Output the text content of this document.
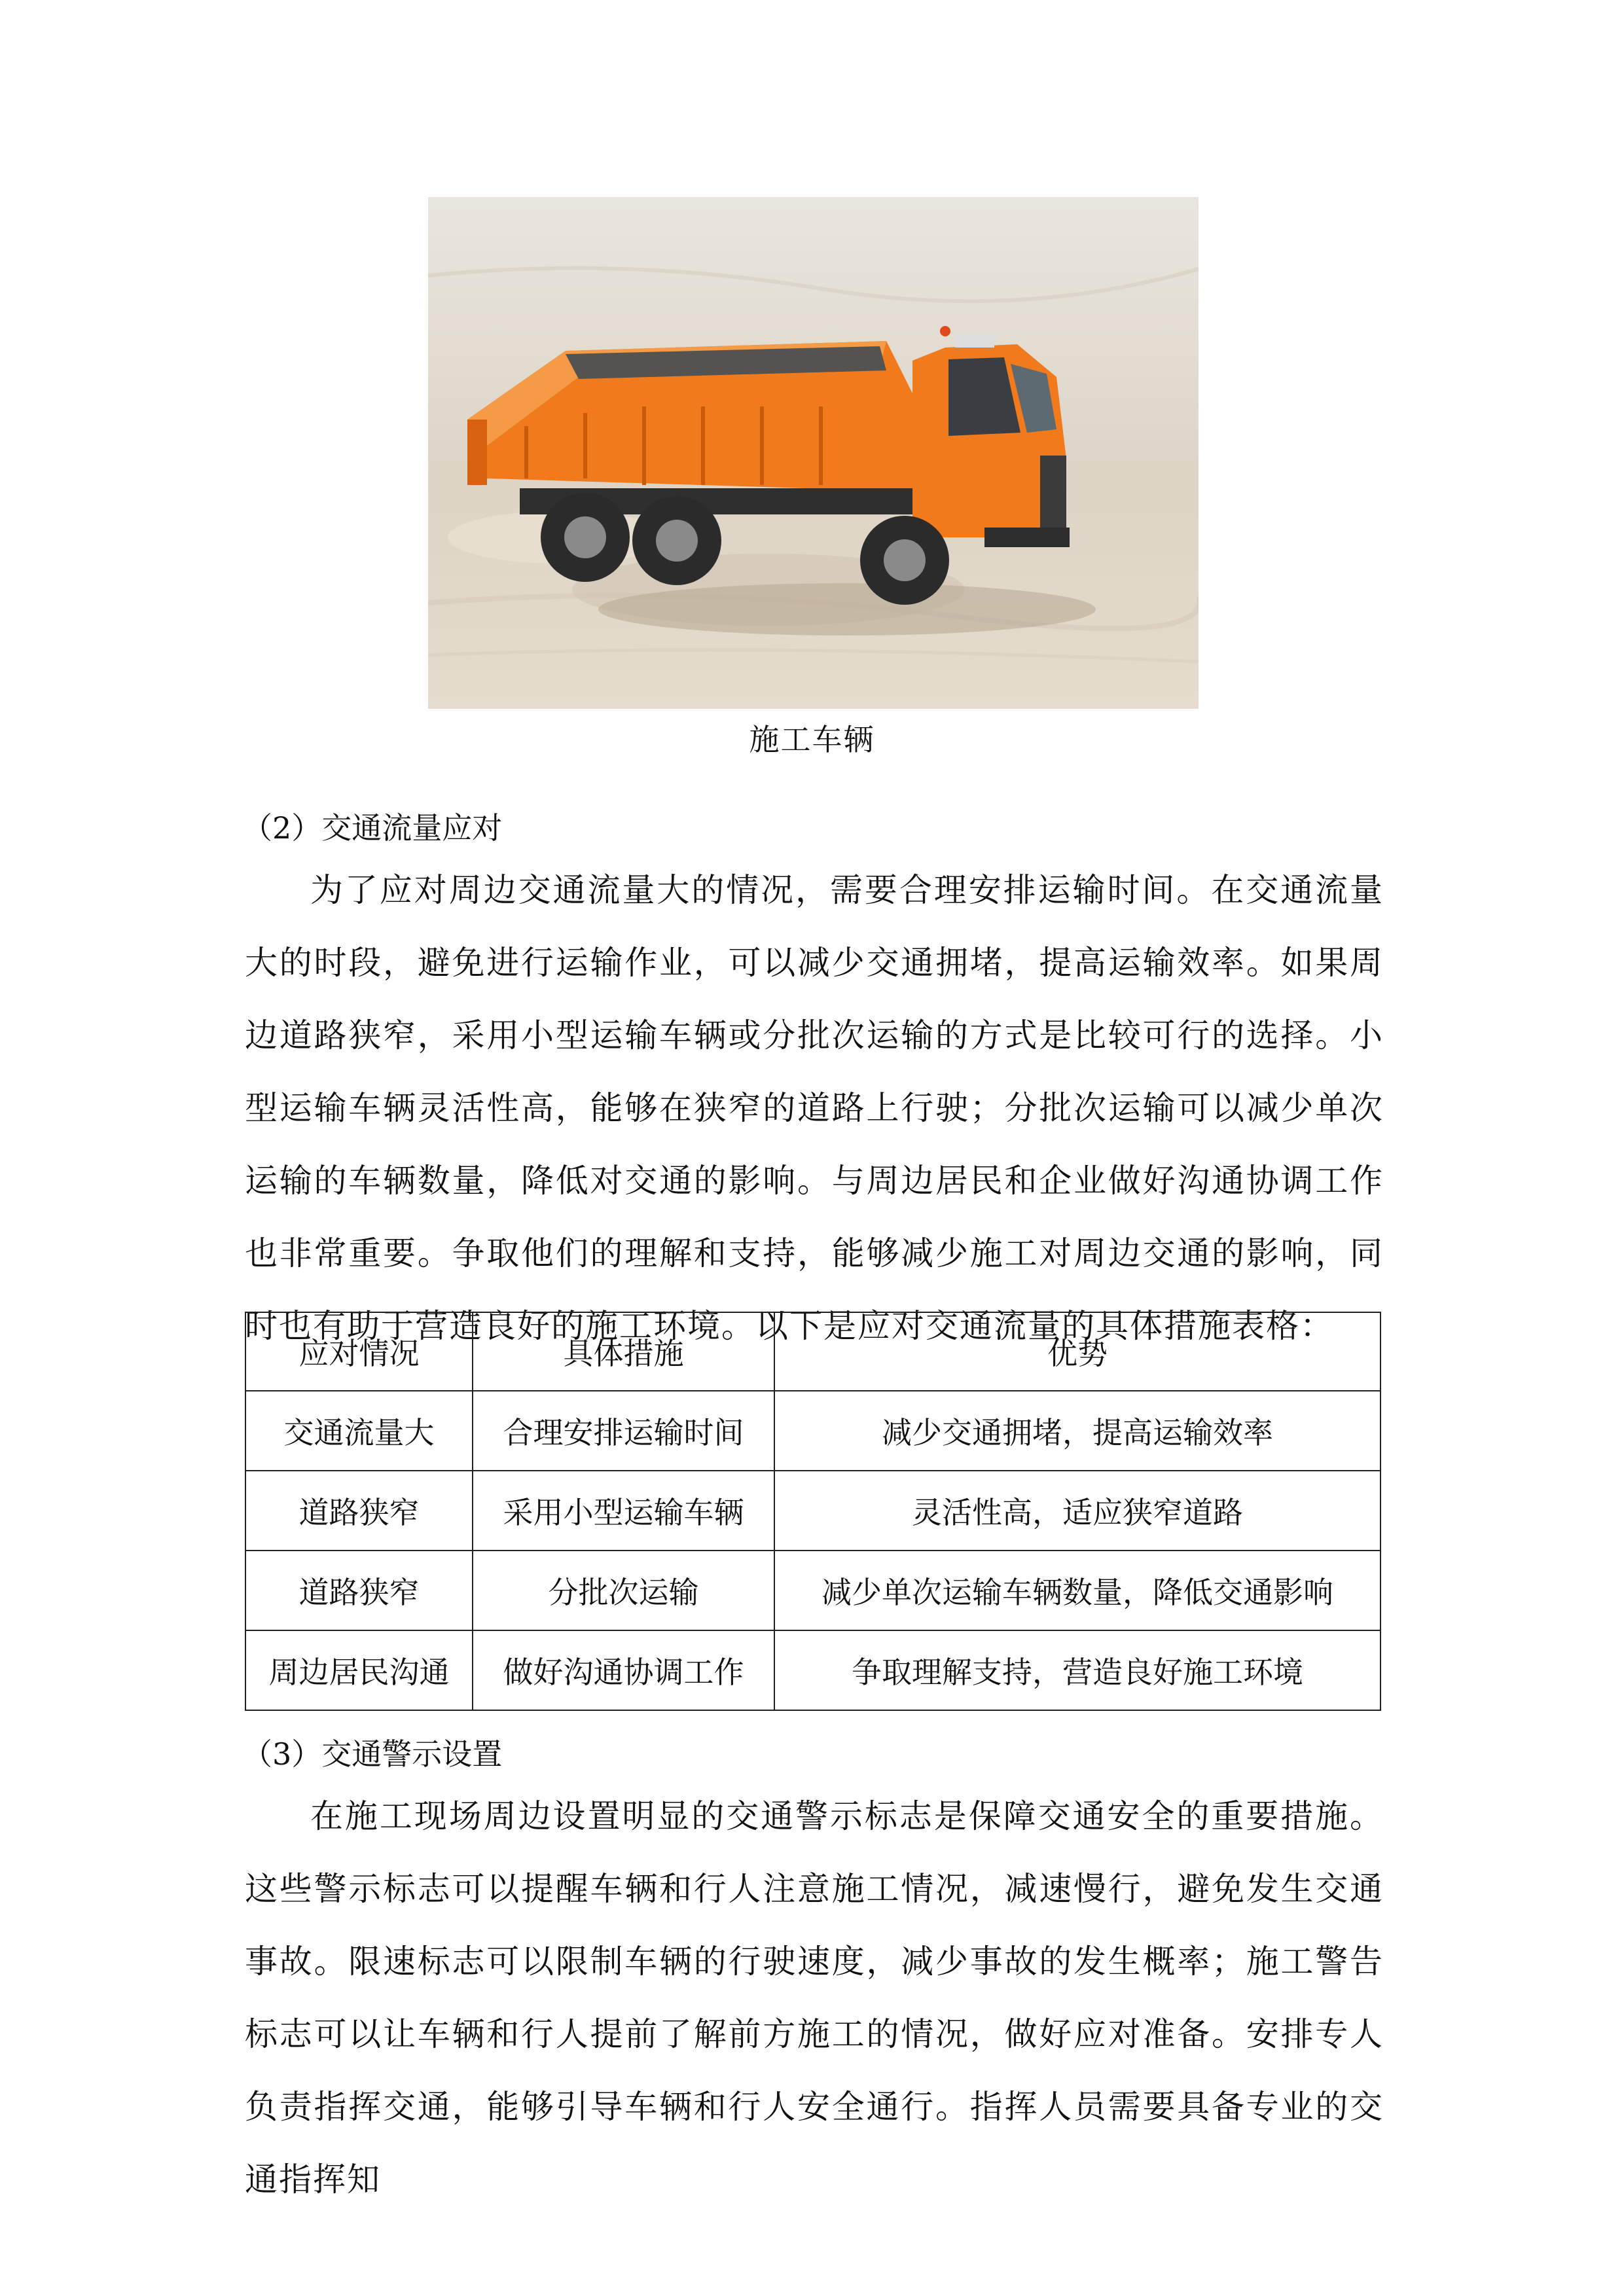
施工车辆
（2）交通流量应对
为了应对周边交通流量大的情况，需要合理安排运输时间。在交通流量大的时段，避免进行运输作业，可以减少交通拥堵，提高运输效率。如果周边道路狭窄，采用小型运输车辆或分批次运输的方式是比较可行的选择。小型运输车辆灵活性高，能够在狭窄的道路上行驶；分批次运输可以减少单次运输的车辆数量，降低对交通的影响。与周边居民和企业做好沟通协调工作也非常重要。争取他们的理解和支持，能够减少施工对周边交通的影响，同时也有助于营造良好的施工环境。以下是应对交通流量的具体措施表格：
应对情况	具体措施	优势
交通流量大	合理安排运输时间	减少交通拥堵，提高运输效率
道路狭窄	采用小型运输车辆	灵活性高，适应狭窄道路
道路狭窄	分批次运输	减少单次运输车辆数量，降低交通影响
周边居民沟通	做好沟通协调工作	争取理解支持，营造良好施工环境
（3）交通警示设置
在施工现场周边设置明显的交通警示标志是保障交通安全的重要措施。这些警示标志可以提醒车辆和行人注意施工情况，减速慢行，避免发生交通事故。限速标志可以限制车辆的行驶速度，减少事故的发生概率；施工警告标志可以让车辆和行人提前了解前方施工的情况，做好应对准备。安排专人负责指挥交通，能够引导车辆和行人安全通行。指挥人员需要具备专业的交通指挥知
